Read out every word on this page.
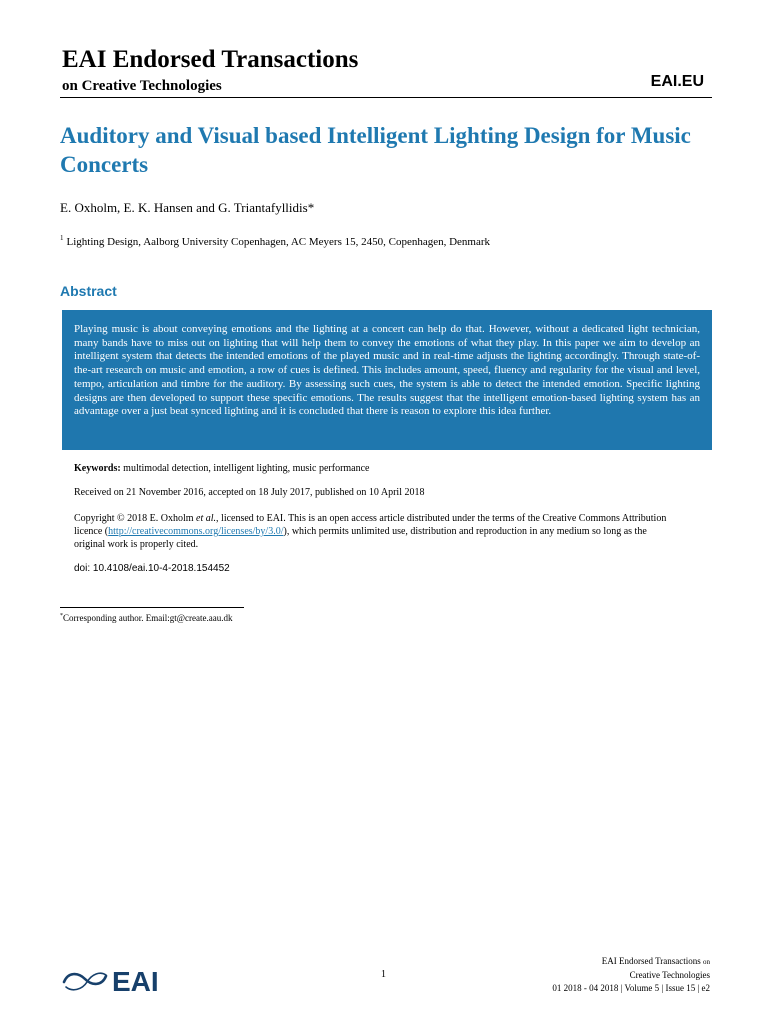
EAI Endorsed Transactions
on Creative Technologies	EAI.EU
Auditory and Visual based Intelligent Lighting Design for Music Concerts
E. Oxholm, E. K. Hansen and G. Triantafyllidis*
$^1$ Lighting Design, Aalborg University Copenhagen, AC Meyers 15, 2450, Copenhagen, Denmark
Abstract
Playing music is about conveying emotions and the lighting at a concert can help do that. However, without a dedicated light technician, many bands have to miss out on lighting that will help them to convey the emotions of what they play. In this paper we aim to develop an intelligent system that detects the intended emotions of the played music and in real-time adjusts the lighting accordingly. Through state-of-the-art research on music and emotion, a row of cues is defined. This includes amount, speed, fluency and regularity for the visual and level, tempo, articulation and timbre for the auditory. By assessing such cues, the system is able to detect the intended emotion. Specific lighting designs are then developed to support these specific emotions. The results suggest that the intelligent emotion-based lighting system has an advantage over a just beat synced lighting and it is concluded that there is reason to explore this idea further.
Keywords: multimodal detection, intelligent lighting, music performance
Received on 21 November 2016, accepted on 18 July 2017, published on 10 April 2018
Copyright © 2018 E. Oxholm et al., licensed to EAI. This is an open access article distributed under the terms of the Creative Commons Attribution licence (http://creativecommons.org/licenses/by/3.0/), which permits unlimited use, distribution and reproduction in any medium so long as the original work is properly cited.
doi: 10.4108/eai.10-4-2018.154452
*Corresponding author. Email:gt@create.aau.dk
EAI	1
EAI Endorsed Transactions on
Creative Technologies
01 2018 - 04 2018 | Volume 5 | Issue 15 | e2
